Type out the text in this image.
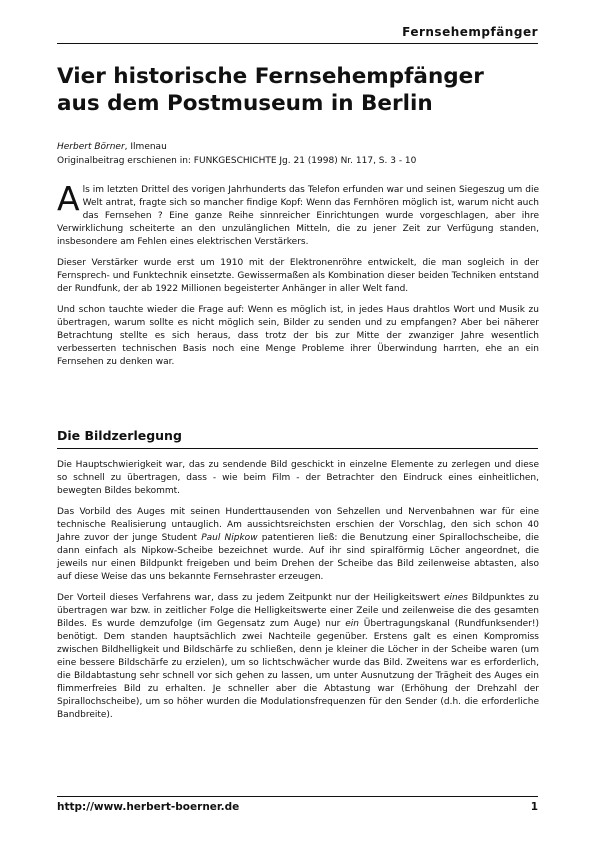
Fernsehempfänger
Vier historische Fernsehempfänger
aus dem Postmuseum in Berlin
Herbert Börner, Ilmenau
Originalbeitrag erschienen in: FUNKGESCHICHTE Jg. 21 (1998) Nr. 117, S. 3 - 10

Als im letzten Drittel des vorigen Jahrhunderts das Telefon erfunden war und seinen Siegeszug um die Welt antrat, fragte sich so mancher findige Kopf: Wenn das Fernhören möglich ist, warum nicht auch das Fernsehen ? Eine ganze Reihe sinnreicher Einrichtungen wurde vorgeschlagen, aber ihre Verwirklichung scheiterte an den unzulänglichen Mitteln, die zu jener Zeit zur Verfügung standen, insbesondere am Fehlen eines elektrischen Verstärkers.

Dieser Verstärker wurde erst um 1910 mit der Elektronenröhre entwickelt, die man sogleich in der Fernsprech- und Funktechnik einsetzte. Gewissermaßen als Kombination dieser beiden Techniken entstand der Rundfunk, der ab 1922 Millionen begeisterter Anhänger in aller Welt fand.

Und schon tauchte wieder die Frage auf: Wenn es möglich ist, in jedes Haus drahtlos Wort und Musik zu übertragen, warum sollte es nicht möglich sein, Bilder zu senden und zu empfangen? Aber bei näherer Betrachtung stellte es sich heraus, dass trotz der bis zur Mitte der zwanziger Jahre wesentlich verbesserten technischen Basis noch eine Menge Probleme ihrer Überwindung harrten, ehe an ein Fernsehen zu denken war.

Die Bildzerlegung

Die Hauptschwierigkeit war, das zu sendende Bild geschickt in einzelne Elemente zu zerlegen und diese so schnell zu übertragen, dass - wie beim Film - der Betrachter den Eindruck eines einheitlichen, bewegten Bildes bekommt.

Das Vorbild des Auges mit seinen Hunderttausenden von Sehzellen und Nervenbahnen war für eine technische Realisierung untauglich. Am aussichtsreichsten erschien der Vorschlag, den sich schon 40 Jahre zuvor der junge Student Paul Nipkow patentieren ließ: die Benutzung einer Spirallochscheibe, die dann einfach als Nipkow-Scheibe bezeichnet wurde. Auf ihr sind spiralförmig Löcher angeordnet, die jeweils nur einen Bildpunkt freigeben und beim Drehen der Scheibe das Bild zeilenweise abtasten, also auf diese Weise das uns bekannte Fernsehraster erzeugen.

Der Vorteil dieses Verfahrens war, dass zu jedem Zeitpunkt nur der Heiligkeitswert eines Bildpunktes zu übertragen war bzw. in zeitlicher Folge die Helligkeitswerte einer Zeile und zeilenweise die des gesamten Bildes. Es wurde demzufolge (im Gegensatz zum Auge) nur ein Übertragungskanal (Rundfunksender!) benötigt. Dem standen hauptsächlich zwei Nachteile gegenüber. Erstens galt es einen Kompromiss zwischen Bildhelligkeit und Bildschärfe zu schließen, denn je kleiner die Löcher in der Scheibe waren (um eine bessere Bildschärfe zu erzielen), um so lichtschwächer wurde das Bild. Zweitens war es erforderlich, die Bildabtastung sehr schnell vor sich gehen zu lassen, um unter Ausnutzung der Trägheit des Auges ein flimmerfreies Bild zu erhalten. Je schneller aber die Abtastung war (Erhöhung der Drehzahl der Spirallochscheibe), um so höher wurden die Modulationsfrequenzen für den Sender (d.h. die erforderliche Bandbreite).

http://www.herbert-boerner.de	1
